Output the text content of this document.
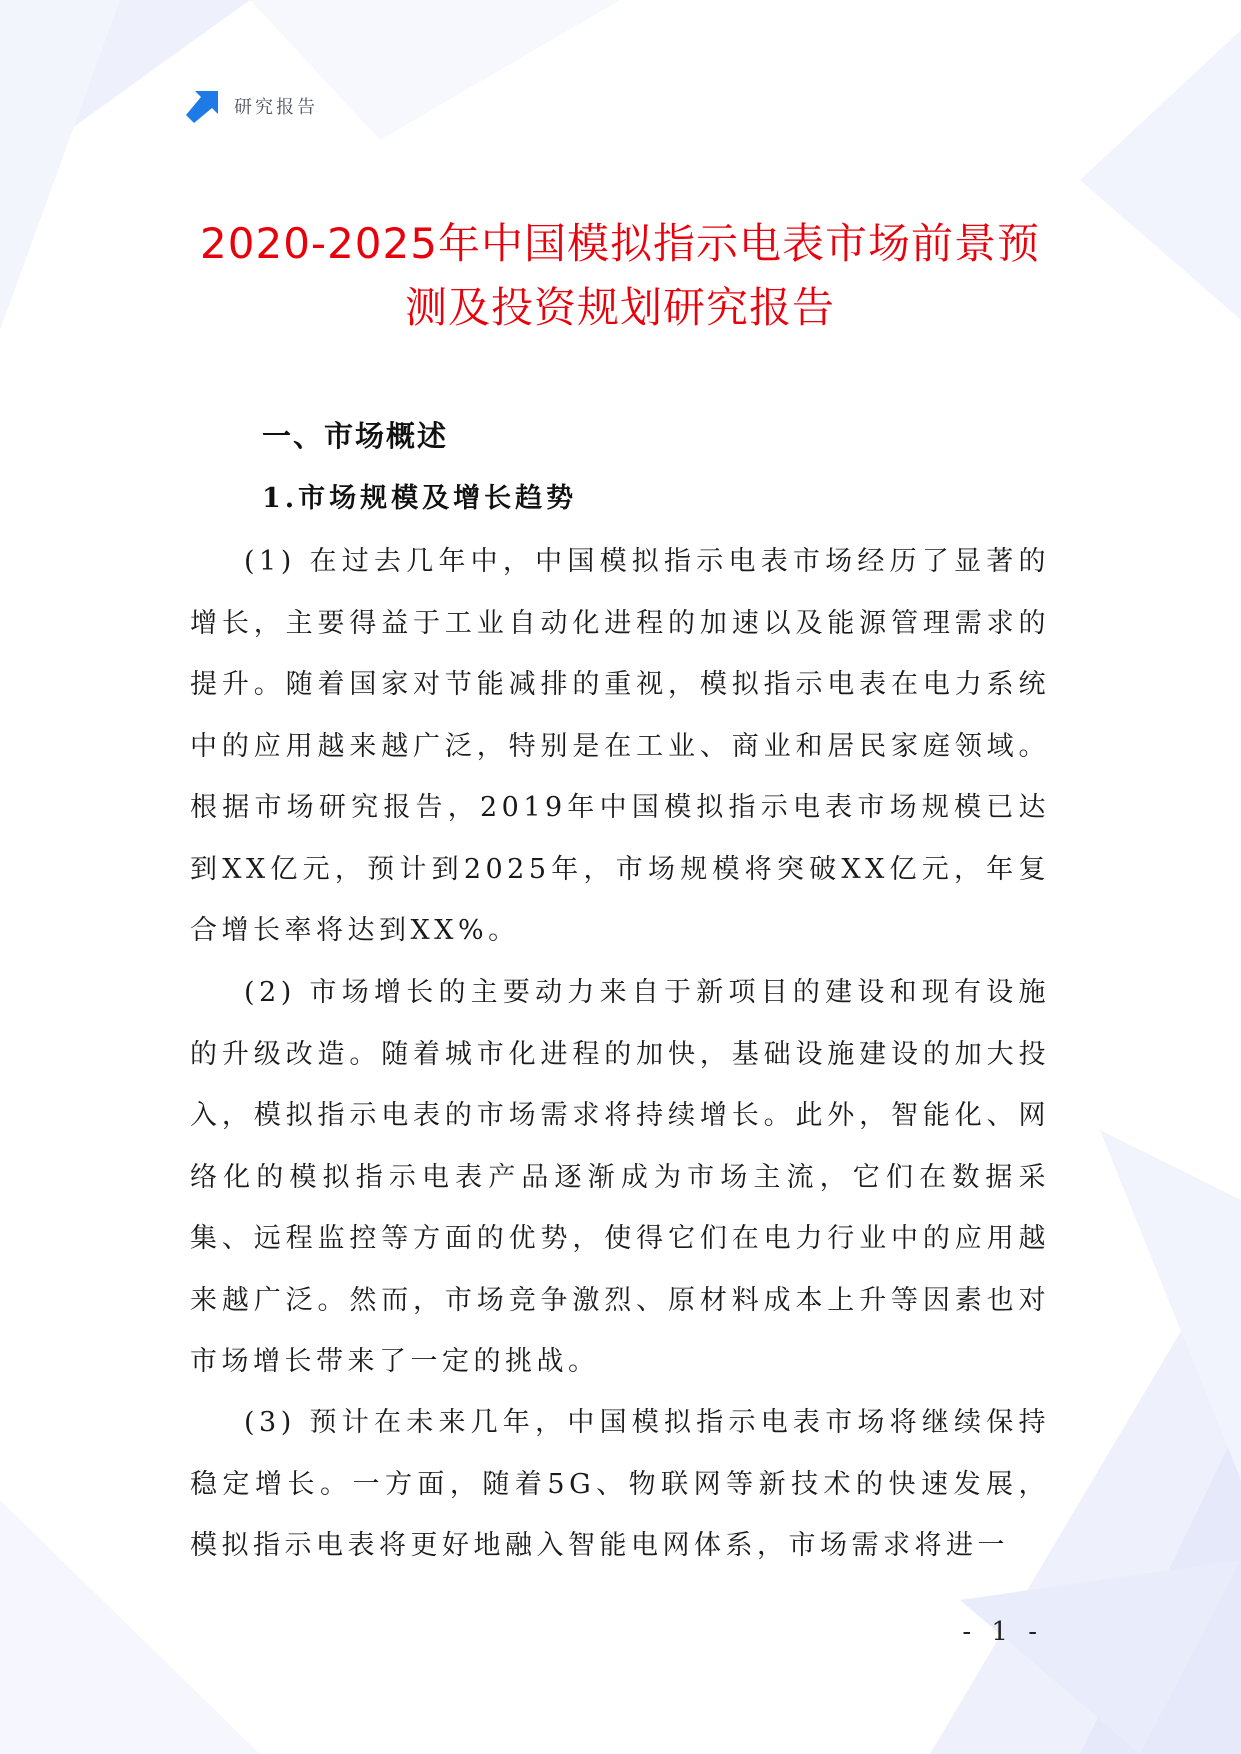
研究报告
2020-2025年中国模拟指示电表市场前景预
测及投资规划研究报告
一、市场概述
1.市场规模及增长趋势

(1) 在过去几年中，中国模拟指示电表市场经历了显著的增长，主要得益于工业自动化进程的加速以及能源管理需求的提升。随着国家对节能减排的重视，模拟指示电表在电力系统中的应用越来越广泛，特别是在工业、商业和居民家庭领域。根据市场研究报告，2019年中国模拟指示电表市场规模已达到XX亿元，预计到2025年，市场规模将突破XX亿元，年复合增长率将达到XX%。

(2) 市场增长的主要动力来自于新项目的建设和现有设施的升级改造。随着城市化进程的加快，基础设施建设的加大投入，模拟指示电表的市场需求将持续增长。此外，智能化、网络化的模拟指示电表产品逐渐成为市场主流，它们在数据采集、远程监控等方面的优势，使得它们在电力行业中的应用越来越广泛。然而，市场竞争激烈、原材料成本上升等因素也对市场增长带来了一定的挑战。

(3) 预计在未来几年，中国模拟指示电表市场将继续保持稳定增长。一方面，随着5G、物联网等新技术的快速发展，模拟指示电表将更好地融入智能电网体系，市场需求将进一

- 1 -
